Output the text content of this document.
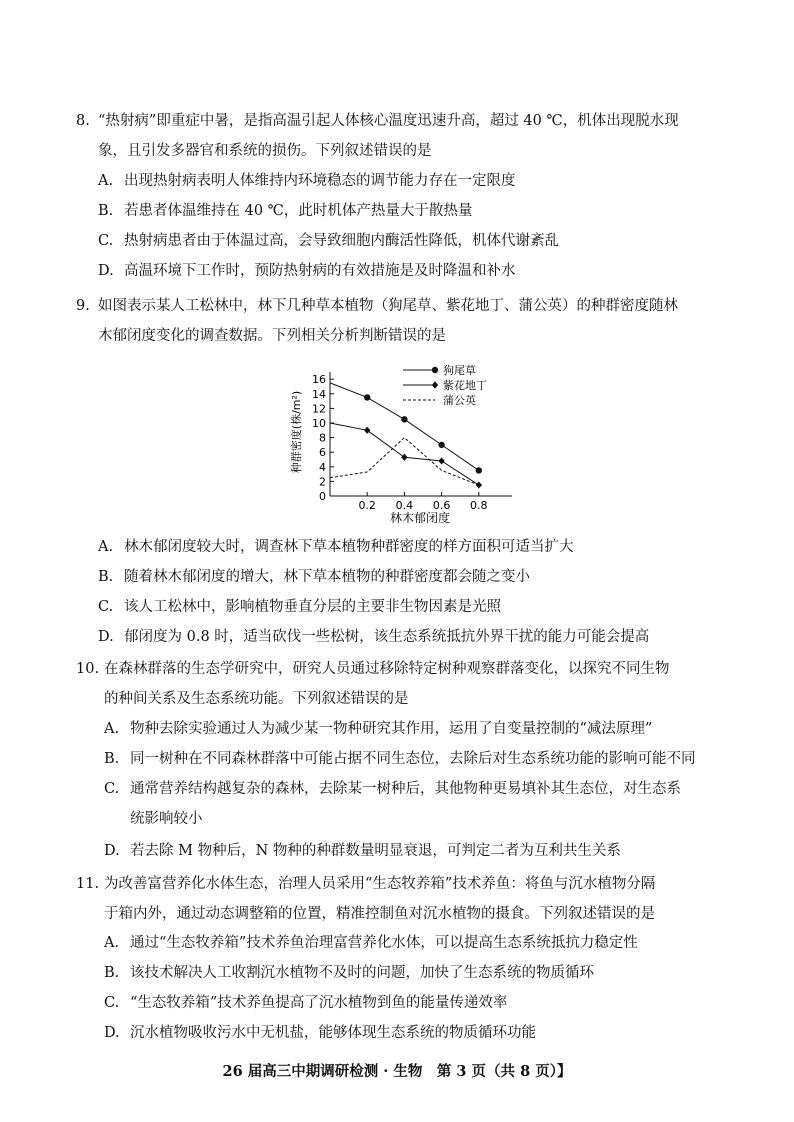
8. “热射病”即重症中暑，是指高温引起人体核心温度迅速升高，超过 40 ℃，机体出现脱水现
象，且引发多器官和系统的损伤。下列叙述错误的是
A. 出现热射病表明人体维持内环境稳态的调节能力存在一定限度
B. 若患者体温维持在 40 ℃，此时机体产热量大于散热量
C. 热射病患者由于体温过高，会导致细胞内酶活性降低，机体代谢紊乱
D. 高温环境下工作时，预防热射病的有效措施是及时降温和补水
9. 如图表示某人工松林中，林下几种草本植物（狗尾草、紫花地丁、蒲公英）的种群密度随林
木郁闭度变化的调查数据。下列相关分析判断错误的是
0
2
4
6
8
10
12
14
16
0.2 0.4 0.6 0.8
狗尾草
紫花地丁
蒲公英
种群密度(株/m²)
林木郁闭度
A. 林木郁闭度较大时，调查林下草本植物种群密度的样方面积可适当扩大
B. 随着林木郁闭度的增大，林下草本植物的种群密度都会随之变小
C. 该人工松林中，影响植物垂直分层的主要非生物因素是光照
D. 郁闭度为 0.8 时，适当砍伐一些松树，该生态系统抵抗外界干扰的能力可能会提高
10. 在森林群落的生态学研究中，研究人员通过移除特定树种观察群落变化，以探究不同生物
的种间关系及生态系统功能。下列叙述错误的是
A. 物种去除实验通过人为减少某一物种研究其作用，运用了自变量控制的“减法原理”
B. 同一树种在不同森林群落中可能占据不同生态位，去除后对生态系统功能的影响可能不同
C. 通常营养结构越复杂的森林，去除某一树种后，其他物种更易填补其生态位，对生态系
统影响较小
D. 若去除 M 物种后，N 物种的种群数量明显衰退，可判定二者为互利共生关系
11. 为改善富营养化水体生态，治理人员采用“生态牧养箱”技术养鱼：将鱼与沉水植物分隔
于箱内外，通过动态调整箱的位置，精准控制鱼对沉水植物的摄食。下列叙述错误的是
A. 通过“生态牧养箱”技术养鱼治理富营养化水体，可以提高生态系统抵抗力稳定性
B. 该技术解决人工收割沉水植物不及时的问题，加快了生态系统的物质循环
C. “生态牧养箱”技术养鱼提高了沉水植物到鱼的能量传递效率
D. 沉水植物吸收污水中无机盐，能够体现生态系统的物质循环功能
26 届高三中期调研检测 · 生物　第 3 页（共 8 页）】
